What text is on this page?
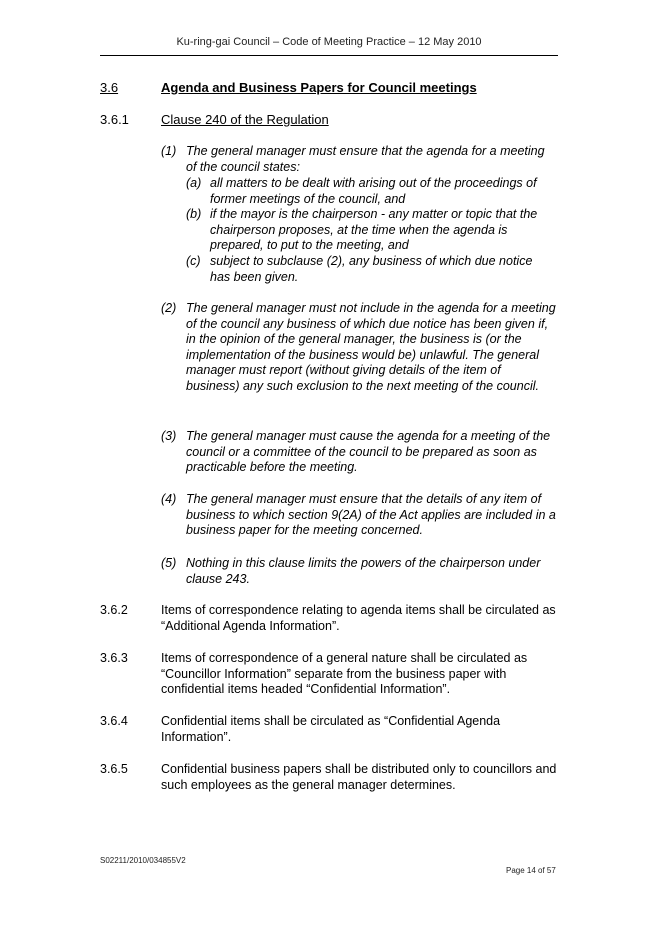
Ku-ring-gai Council – Code of Meeting Practice – 12 May 2010
3.6	Agenda and Business Papers for Council meetings
3.6.1 Clause 240 of the Regulation
(1) The general manager must ensure that the agenda for a meeting of the council states:
(a) all matters to be dealt with arising out of the proceedings of former meetings of the council, and
(b) if the mayor is the chairperson - any matter or topic that the chairperson proposes, at the time when the agenda is prepared, to put to the meeting, and
(c) subject to subclause (2), any business of which due notice has been given.
(2) The general manager must not include in the agenda for a meeting of the council any business of which due notice has been given if, in the opinion of the general manager, the business is (or the implementation of the business would be) unlawful. The general manager must report (without giving details of the item of business) any such exclusion to the next meeting of the council.
(3) The general manager must cause the agenda for a meeting of the council or a committee of the council to be prepared as soon as practicable before the meeting.
(4) The general manager must ensure that the details of any item of business to which section 9(2A) of the Act applies are included in a business paper for the meeting concerned.
(5) Nothing in this clause limits the powers of the chairperson under clause 243.
3.6.2	Items of correspondence relating to agenda items shall be circulated as “Additional Agenda Information”.
3.6.3	Items of correspondence of a general nature shall be circulated as “Councillor Information” separate from the business paper with confidential items headed “Confidential Information”.
3.6.4	Confidential items shall be circulated as “Confidential Agenda Information”.
3.6.5	Confidential business papers shall be distributed only to councillors and such employees as the general manager determines.
S02211/2010/034855V2
Page 14 of 57
